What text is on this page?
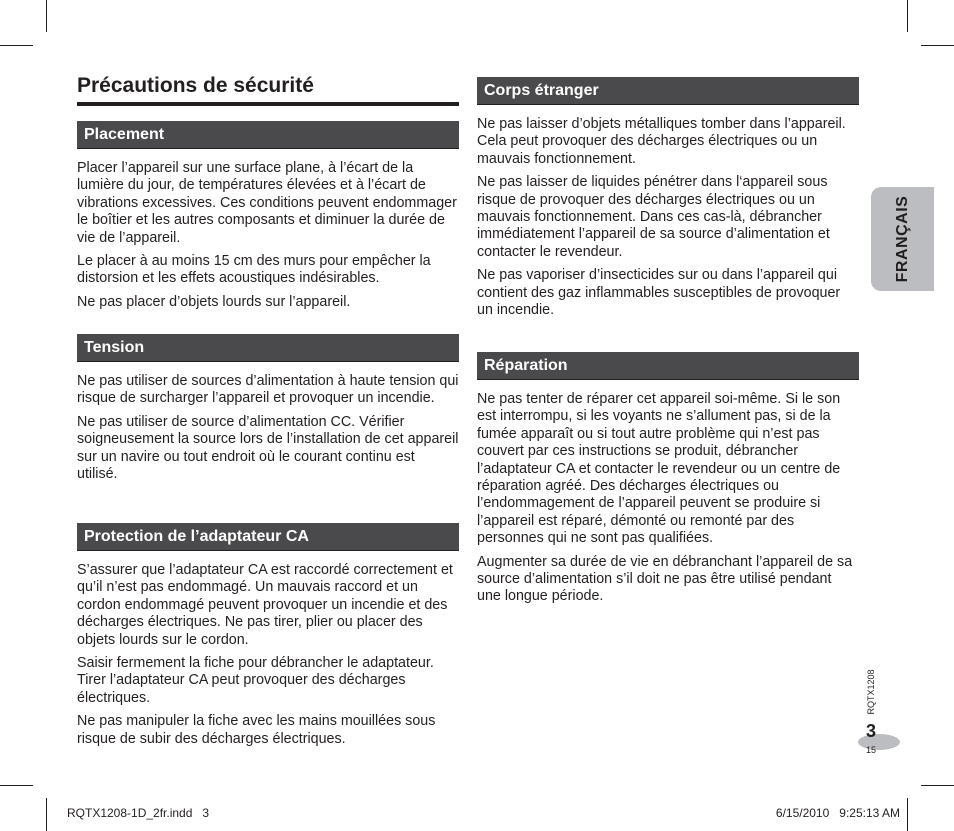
Précautions de sécurité
Placement

Placer l’appareil sur une surface plane, à l’écart de la lumière du jour, de températures élevées et à l’écart de vibrations excessives. Ces conditions peuvent endommager le boîtier et les autres composants et diminuer la durée de vie de l’appareil.

Le placer à au moins 15 cm des murs pour empêcher la distorsion et les effets acoustiques indésirables.

Ne pas placer d’objets lourds sur l’appareil.

Tension

Ne pas utiliser de sources d’alimentation à haute tension qui risque de surcharger l’appareil et provoquer un incendie.

Ne pas utiliser de source d’alimentation CC. Vérifier soigneusement la source lors de l’installation de cet appareil sur un navire ou tout endroit où le courant continu est utilisé.

Protection de l’adaptateur CA

S’assurer que l’adaptateur CA est raccordé correctement et qu’il n’est pas endommagé. Un mauvais raccord et un cordon endommagé peuvent provoquer un incendie et des décharges électriques. Ne pas tirer, plier ou placer des objets lourds sur le cordon.

Saisir fermement la fiche pour débrancher le adaptateur. Tirer l’adaptateur CA peut provoquer des décharges électriques.

Ne pas manipuler la fiche avec les mains mouillées sous risque de subir des décharges électriques.

Corps étranger

Ne pas laisser d’objets métalliques tomber dans l’appareil. Cela peut provoquer des décharges électriques ou un mauvais fonctionnement.

Ne pas laisser de liquides pénétrer dans l‘appareil sous risque de provoquer des décharges électriques ou un mauvais fonctionnement. Dans ces cas-là, débrancher immédiatement l’appareil de sa source d’alimentation et contacter le revendeur.

Ne pas vaporiser d’insecticides sur ou dans l’appareil qui contient des gaz inflammables susceptibles de provoquer un incendie.

Réparation

Ne pas tenter de réparer cet appareil soi-même. Si le son est interrompu, si les voyants ne s’allument pas, si de la fumée apparaît ou si tout autre problème qui n’est pas couvert par ces instructions se produit, débrancher l’adaptateur CA et contacter le revendeur ou un centre de réparation agréé. Des décharges électriques ou l’endommagement de l’appareil peuvent se produire si l’appareil est réparé, démonté ou remonté par des personnes qui ne sont pas qualifiées.

Augmenter sa durée de vie en débranchant l’appareil de sa source d’alimentation s’il doit ne pas être utilisé pendant une longue période.

FRANÇAIS
RQTX1208
3
15
RQTX1208-1D_2fr.indd   3	6/15/2010   9:25:13 AM
